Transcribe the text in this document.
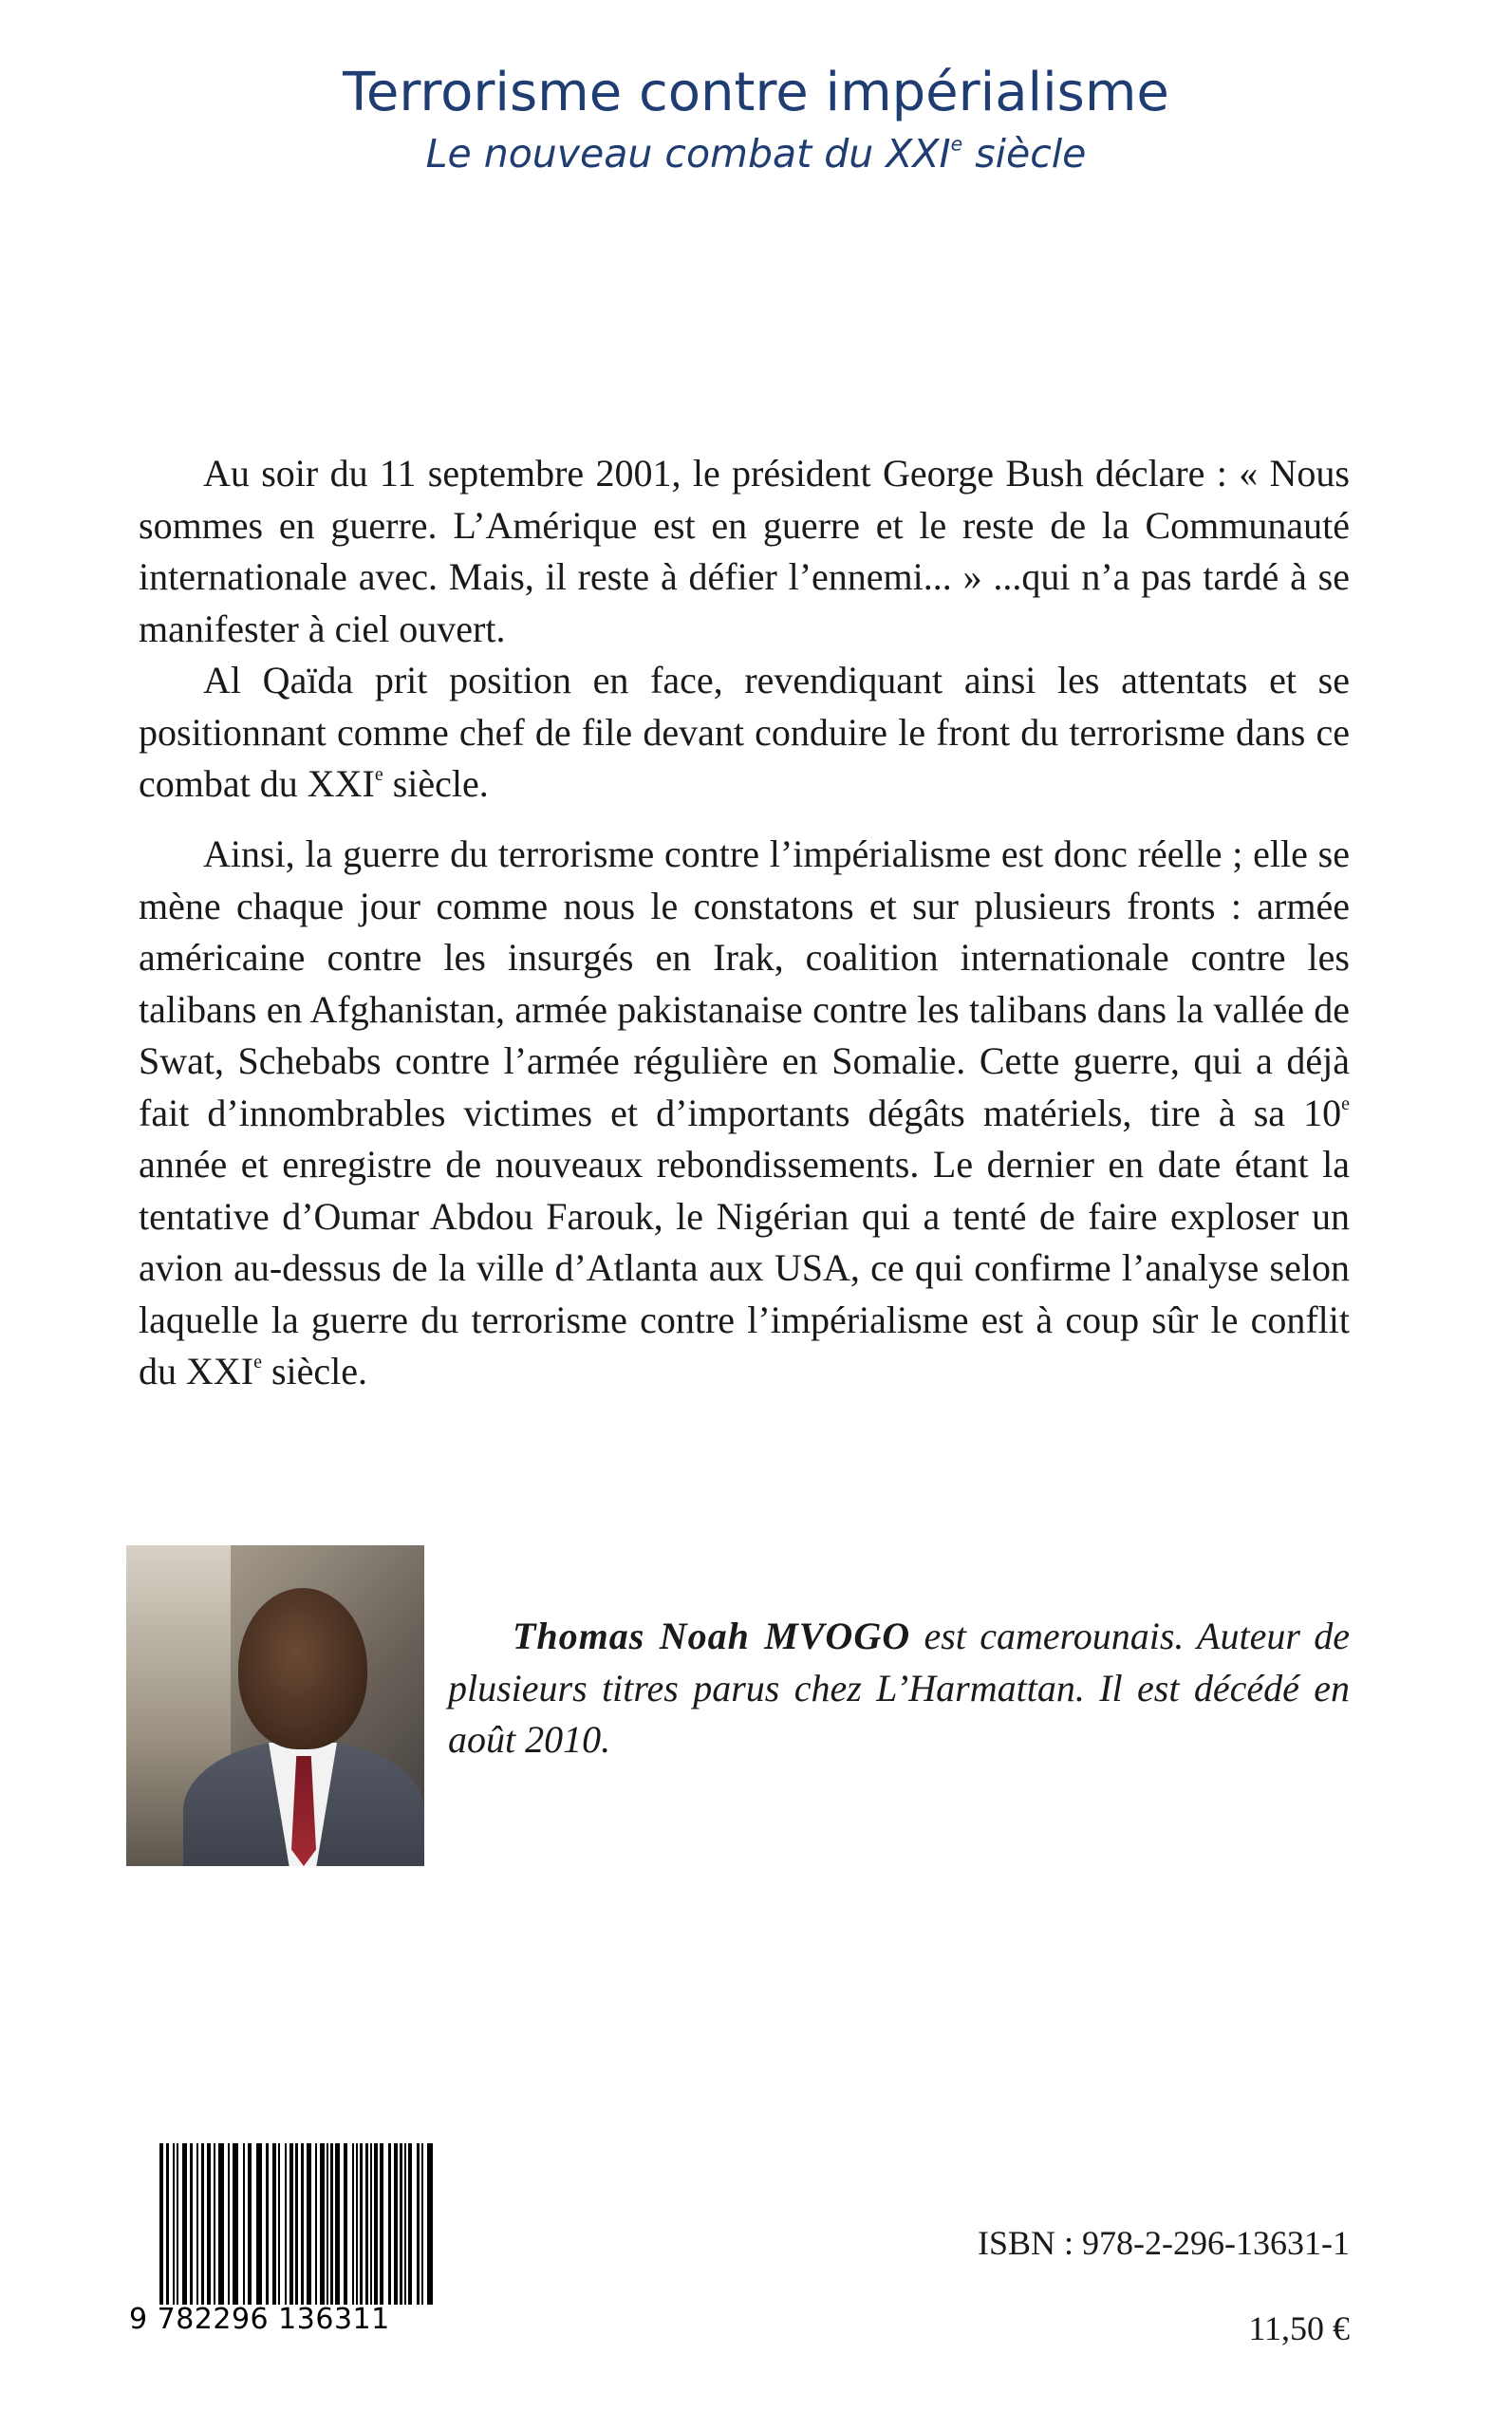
Terrorisme contre impérialisme
Le nouveau combat du XXIe siècle

Au soir du 11 septembre 2001, le président George Bush déclare : « Nous sommes en guerre. L’Amérique est en guerre et le reste de la Communauté internationale avec. Mais, il reste à défier l’ennemi... » ...qui n’a pas tardé à se manifester à ciel ouvert.

Al Qaïda prit position en face, revendiquant ainsi les attentats et se positionnant comme chef de file devant conduire le front du terrorisme dans ce combat du XXIe siècle.

Ainsi, la guerre du terrorisme contre l’impérialisme est donc réelle ; elle se mène chaque jour comme nous le constatons et sur plusieurs fronts : armée américaine contre les insurgés en Irak, coalition internationale contre les talibans en Afghanistan, armée pakistanaise contre les talibans dans la vallée de Swat, Schebabs contre l’armée régulière en Somalie. Cette guerre, qui a déjà fait d’innombrables victimes et d’importants dégâts matériels, tire à sa 10e année et enregistre de nouveaux rebondissements. Le dernier en date étant la tentative d’Oumar Abdou Farouk, le Nigérian qui a tenté de faire exploser un avion au-dessus de la ville d’Atlanta aux USA, ce qui confirme l’analyse selon laquelle la guerre du terrorisme contre l’impérialisme est à coup sûr le conflit du XXIe siècle.

Thomas Noah MVOGO est camerounais. Auteur de plusieurs titres parus chez L’Harmattan. Il est décédé en août 2010.

9 782296 136311
ISBN : 978-2-296-13631-1
11,50 €
